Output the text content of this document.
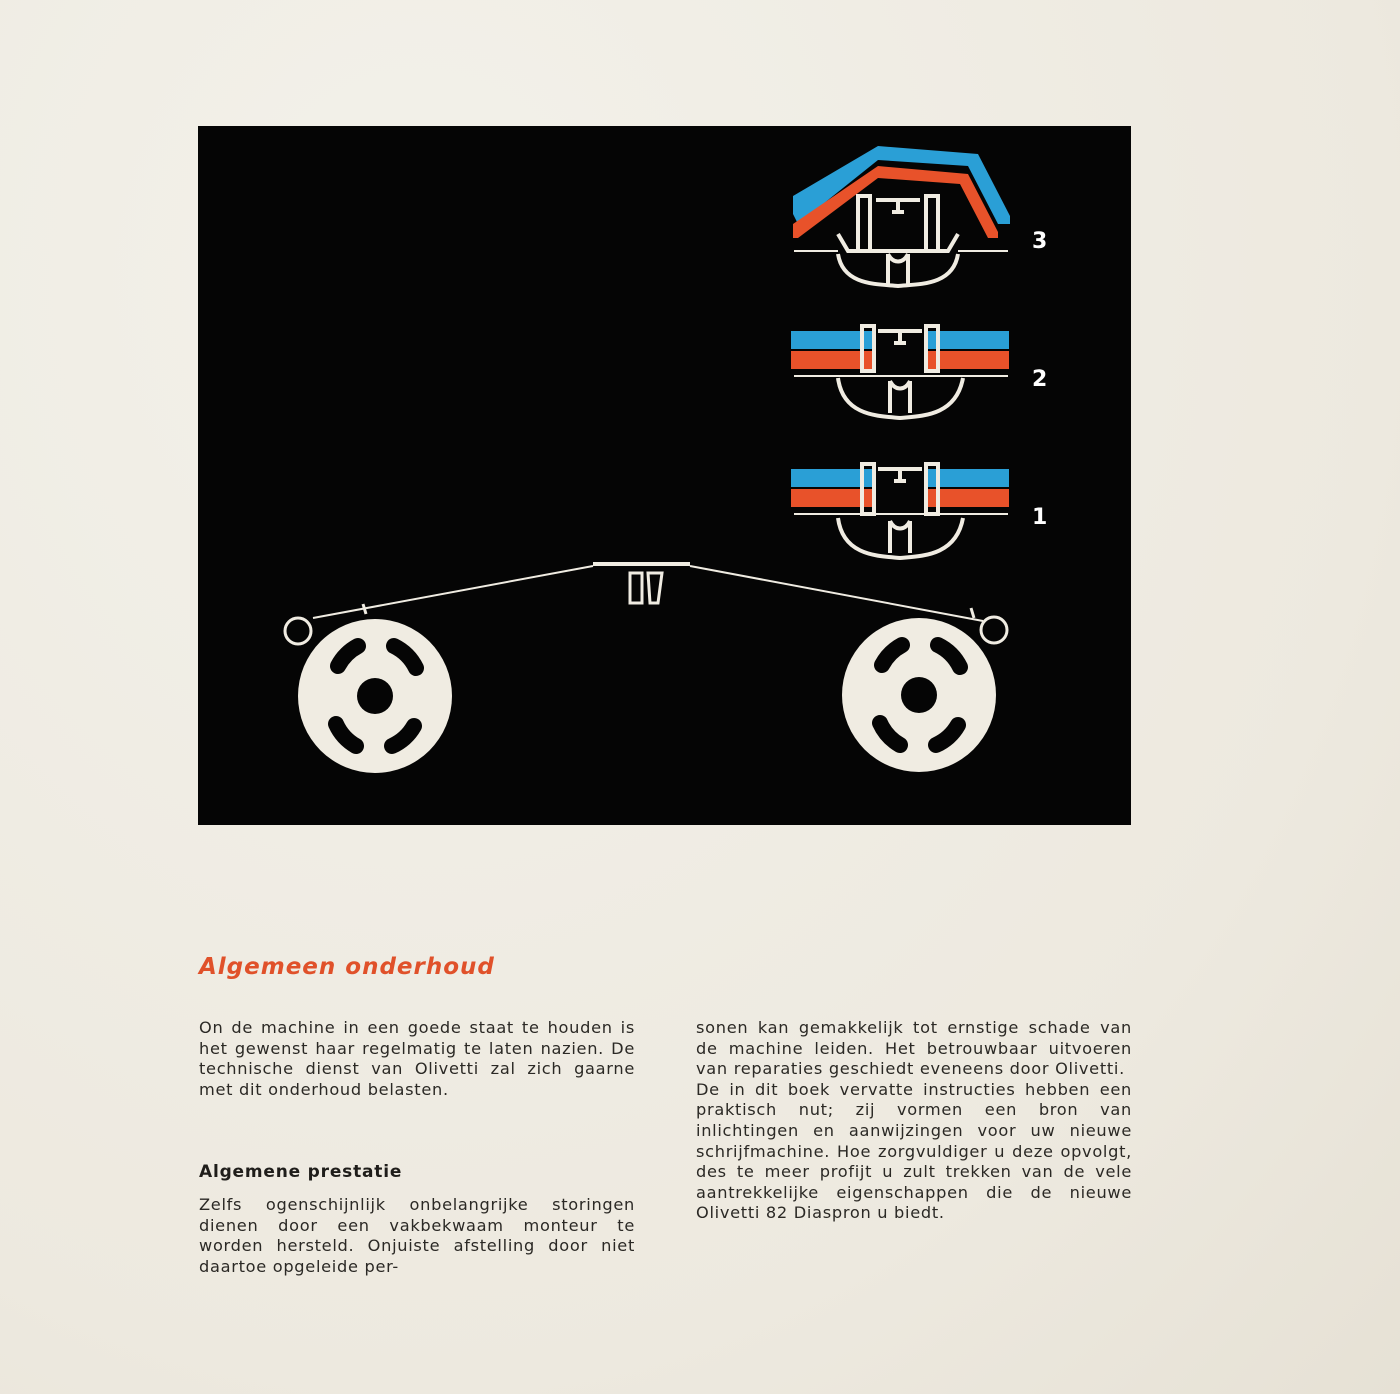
3
2
1
Algemeen onderhoud

On de machine in een goede staat te houden is het gewenst haar regelmatig te laten nazien. De technische dienst van Olivetti zal zich gaarne met dit onderhoud belasten.

Algemene prestatie

Zelfs ogenschijnlijk onbelangrijke storingen dienen door een vakbekwaam monteur te worden hersteld. Onjuiste afstelling door niet daartoe opgeleide per-

sonen kan gemakkelijk tot ernstige schade van de machine leiden. Het betrouwbaar uitvoeren van reparaties geschiedt eveneens door Olivetti.

De in dit boek vervatte instructies hebben een praktisch nut; zij vormen een bron van inlichtingen en aanwijzingen voor uw nieuwe schrijfmachine. Hoe zorgvuldiger u deze opvolgt, des te meer profijt u zult trekken van de vele aantrekkelijke eigenschappen die de nieuwe Olivetti 82 Diaspron u biedt.
